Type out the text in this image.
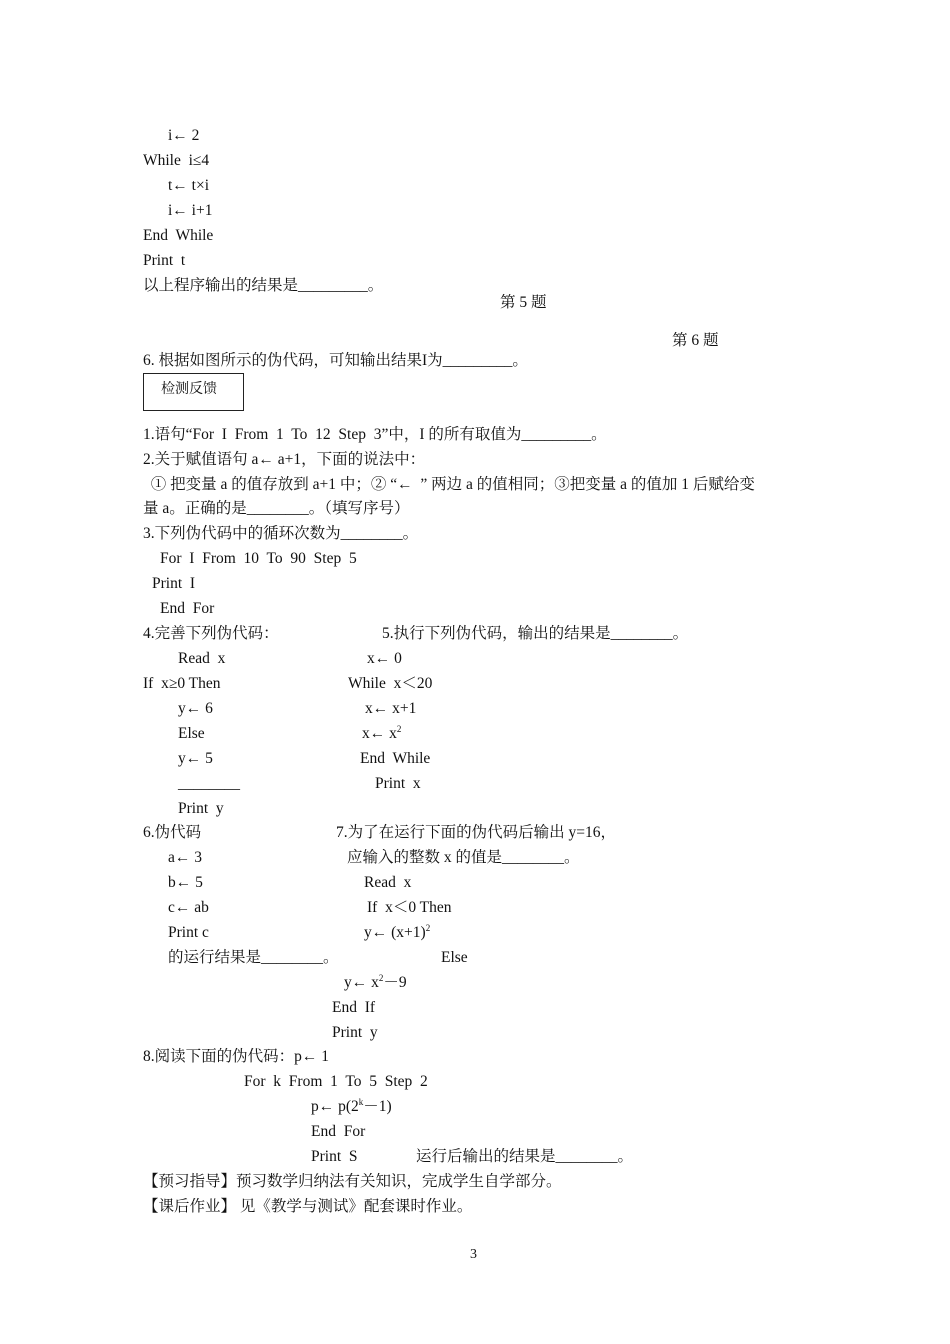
i← 2
While  i≤4
t← t×i
i← i+1
End  While
Print  t
以上程序输出的结果是_________。
第 5 题
第 6 题
6. 根据如图所示的伪代码，可知输出结果I为_________。
检测反馈
1.语句“For  I  From  1  To  12  Step  3”中，I 的所有取值为_________。
2.关于赋值语句 a← a+1，下面的说法中：
① 把变量 a 的值存放到 a+1 中；② “←  ” 两边 a 的值相同；③把变量 a 的值加 1 后赋给变
量 a。正确的是________。（填写序号）
3.下列伪代码中的循环次数为________。
For  I  From  10  To  90  Step  5
Print  I
End  For
4.完善下列伪代码：	5.执行下列伪代码，输出的结果是________。
Read  x	x← 0
If  x≥0 Then	While  x＜20
y← 6	x← x+1
Else	x← $x^2$
y← 5	End  While
________	Print  x
Print  y
6.伪代码	7.为了在运行下面的伪代码后输出 y=16，
a← 3	应输入的整数 x 的值是________。
b← 5	Read  x
c← ab	If  x＜0 Then
Print c	y← $(x+1)^2$
的运行结果是________。	Else
y← $x^2-9$
End  If
Print  y
8.阅读下面的伪代码：p← 1
For  k  From  1  To  5  Step  2
p← $p(2^k-1)$
End  For
Print  S	运行后输出的结果是________。
【预习指导】预习数学归纳法有关知识，完成学生自学部分。
【课后作业】 见《教学与测试》配套课时作业。
3
